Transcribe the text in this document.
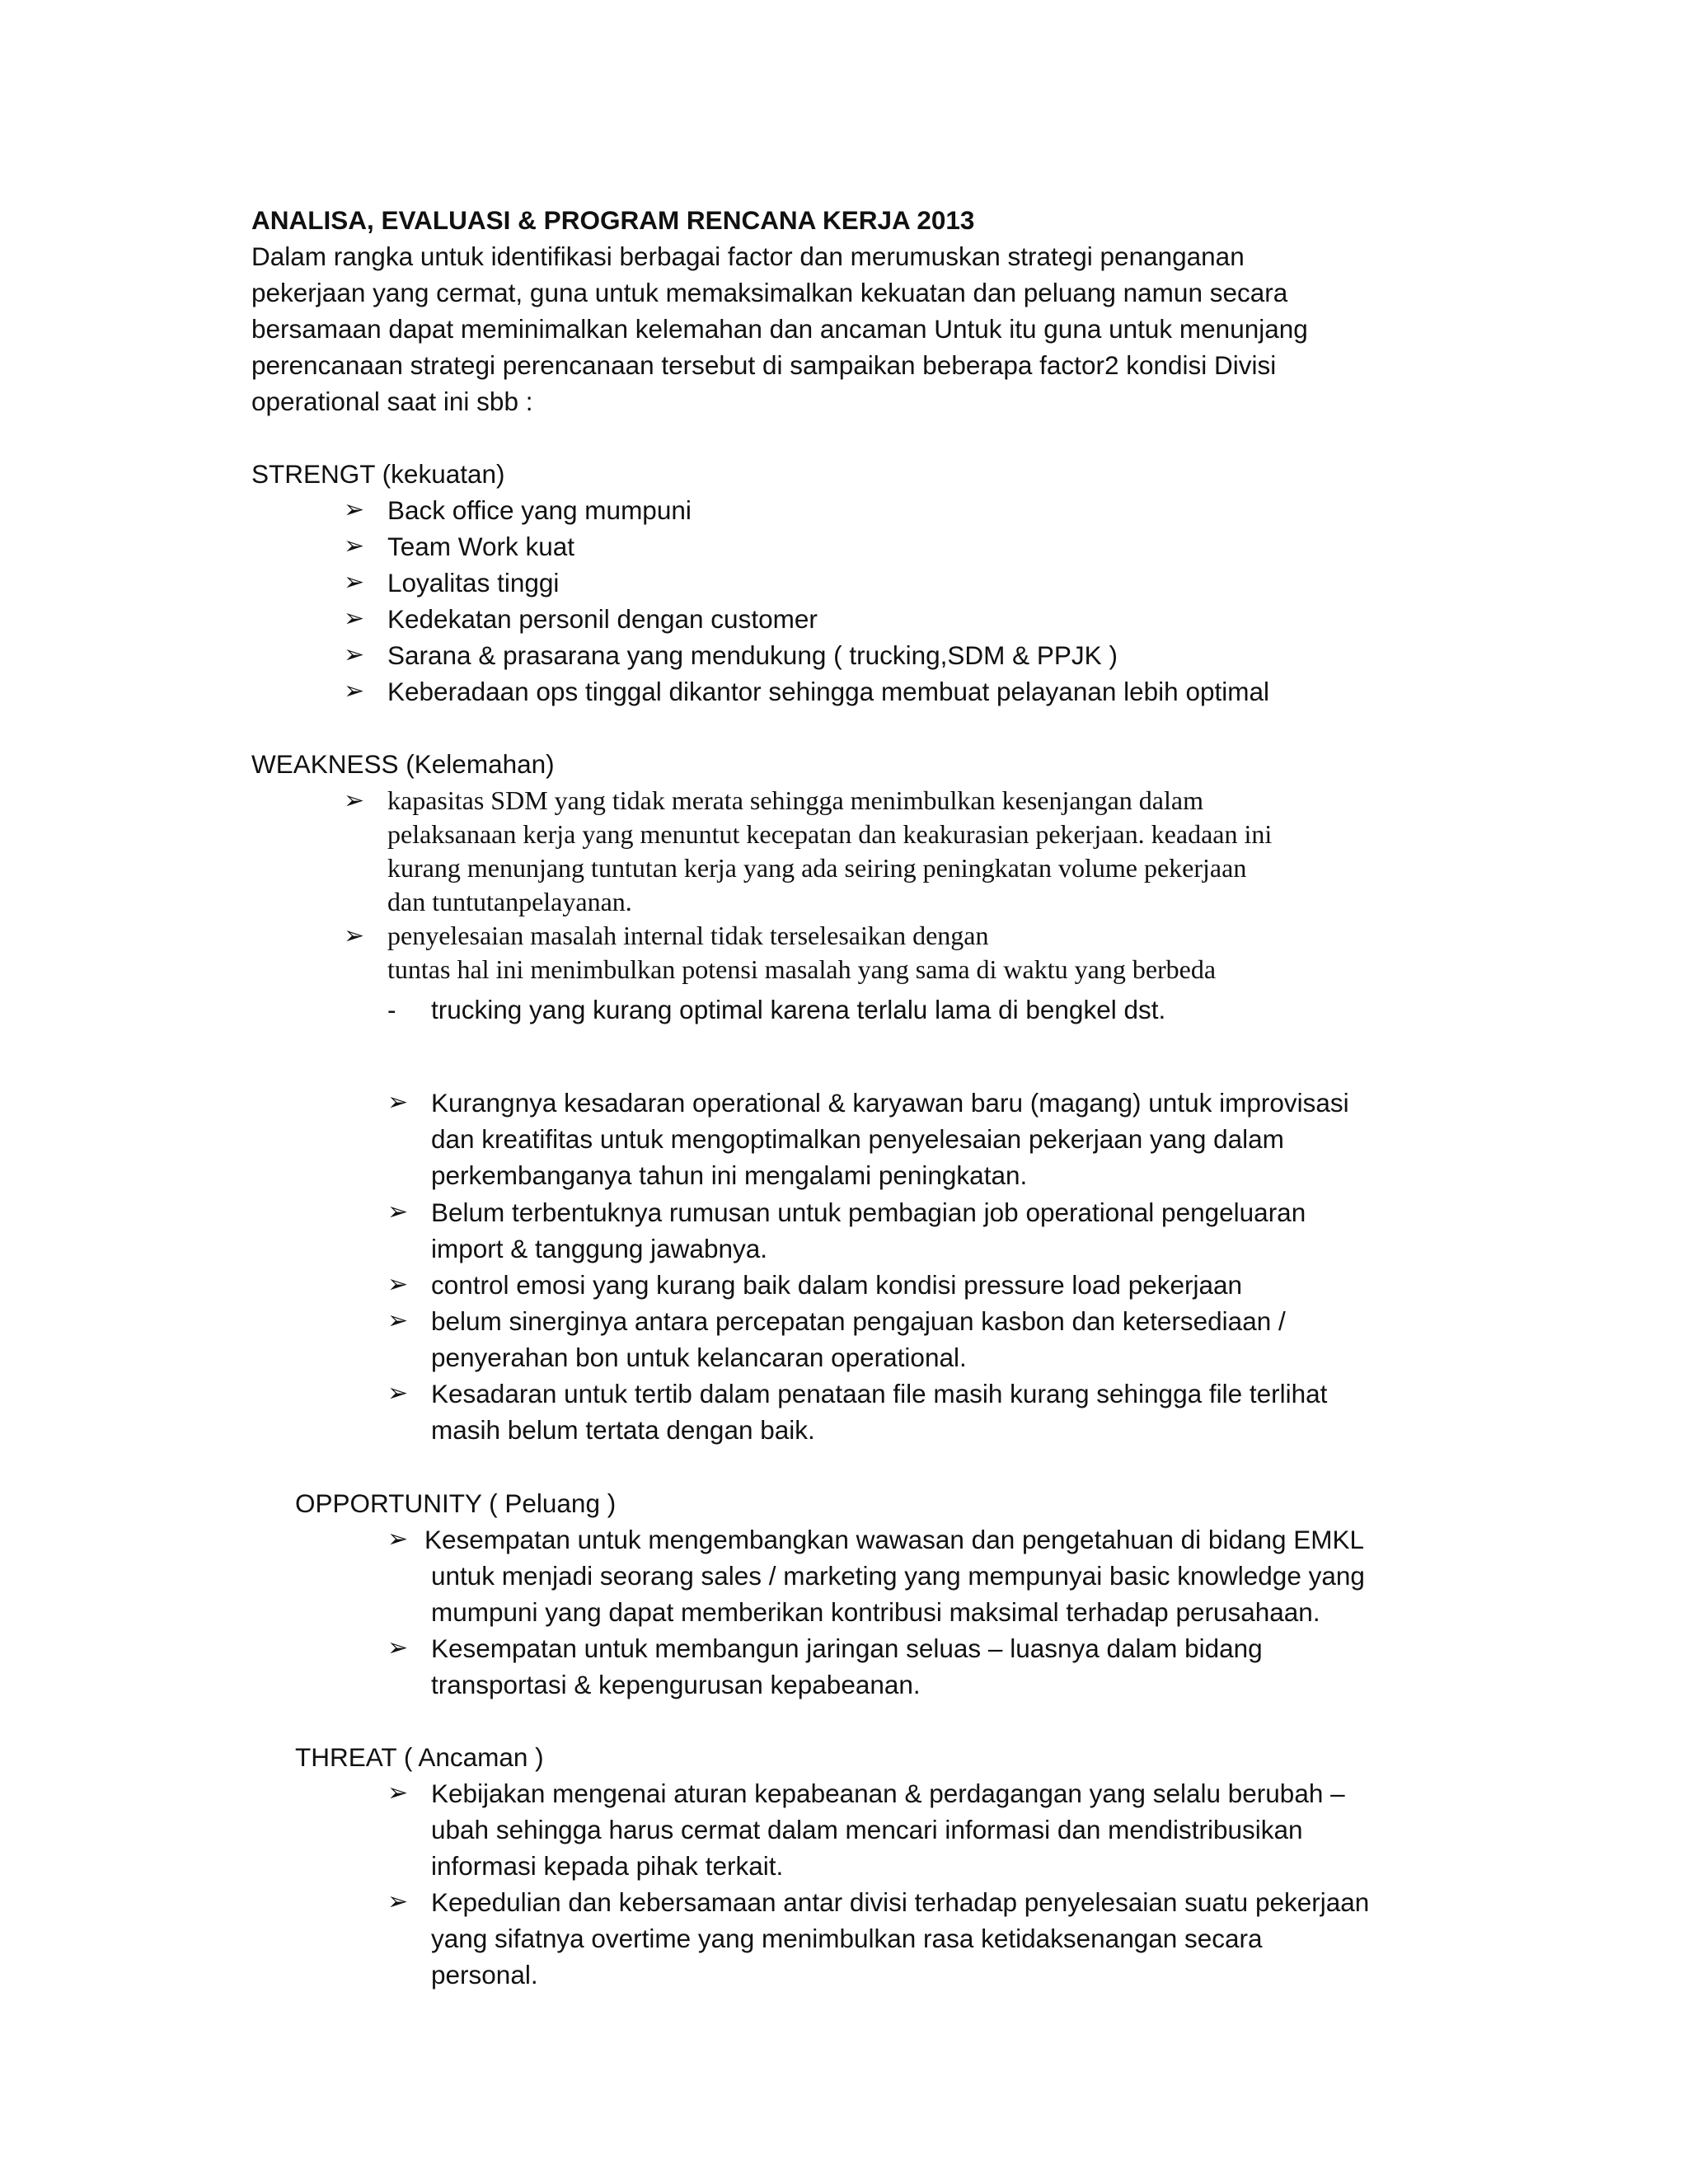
ANALISA, EVALUASI & PROGRAM RENCANA KERJA 2013

Dalam rangka untuk identifikasi berbagai factor dan merumuskan strategi penanganan

pekerjaan yang cermat, guna untuk memaksimalkan kekuatan dan peluang namun secara

bersamaan dapat meminimalkan kelemahan dan ancaman Untuk itu guna untuk menunjang

perencanaan strategi perencanaan tersebut di sampaikan beberapa factor2 kondisi Divisi

operational saat ini sbb :

STRENGT (kekuatan)
➢ Back office yang mumpuni
➢ Team Work kuat
➢ Loyalitas tinggi
➢ Kedekatan personil dengan customer
➢ Sarana & prasarana yang mendukung ( trucking,SDM & PPJK )
➢ Keberadaan ops tinggal dikantor sehingga membuat pelayanan lebih optimal
WEAKNESS (Kelemahan)
➢ kapasitas SDM yang tidak merata sehingga menimbulkan kesenjangan dalam

pelaksanaan kerja yang menuntut kecepatan dan keakurasian pekerjaan. keadaan ini

kurang menunjang tuntutan kerja yang ada seiring peningkatan volume pekerjaan

dan tuntutanpelayanan.

➢ penyelesaian masalah internal tidak terselesaikan dengan

tuntas hal ini menimbulkan potensi masalah yang sama di waktu yang berbeda

- trucking yang kurang optimal karena terlalu lama di bengkel dst.
➢ Kurangnya kesadaran operational & karyawan baru (magang) untuk improvisasi

dan kreatifitas untuk mengoptimalkan penyelesaian pekerjaan yang dalam

perkembanganya tahun ini mengalami peningkatan.

➢ Belum terbentuknya rumusan untuk pembagian job operational pengeluaran

import & tanggung jawabnya.

➢ control emosi yang kurang baik dalam kondisi pressure load pekerjaan

➢ belum sinerginya antara percepatan pengajuan kasbon dan ketersediaan /

penyerahan bon untuk kelancaran operational.

➢ Kesadaran untuk tertib dalam penataan file masih kurang sehingga file terlihat

masih belum tertata dengan baik.

OPPORTUNITY ( Peluang )
➢ Kesempatan untuk mengembangkan wawasan dan pengetahuan di bidang EMKL

untuk menjadi seorang sales / marketing yang mempunyai basic knowledge yang

mumpuni yang dapat memberikan kontribusi maksimal terhadap perusahaan.

➢ Kesempatan untuk membangun jaringan seluas – luasnya dalam bidang

transportasi & kepengurusan kepabeanan.

THREAT ( Ancaman )
➢ Kebijakan mengenai aturan kepabeanan & perdagangan yang selalu berubah –

ubah sehingga harus cermat dalam mencari informasi dan mendistribusikan

informasi kepada pihak terkait.

➢ Kepedulian dan kebersamaan antar divisi terhadap penyelesaian suatu pekerjaan

yang sifatnya overtime yang menimbulkan rasa ketidaksenangan secara

personal.
